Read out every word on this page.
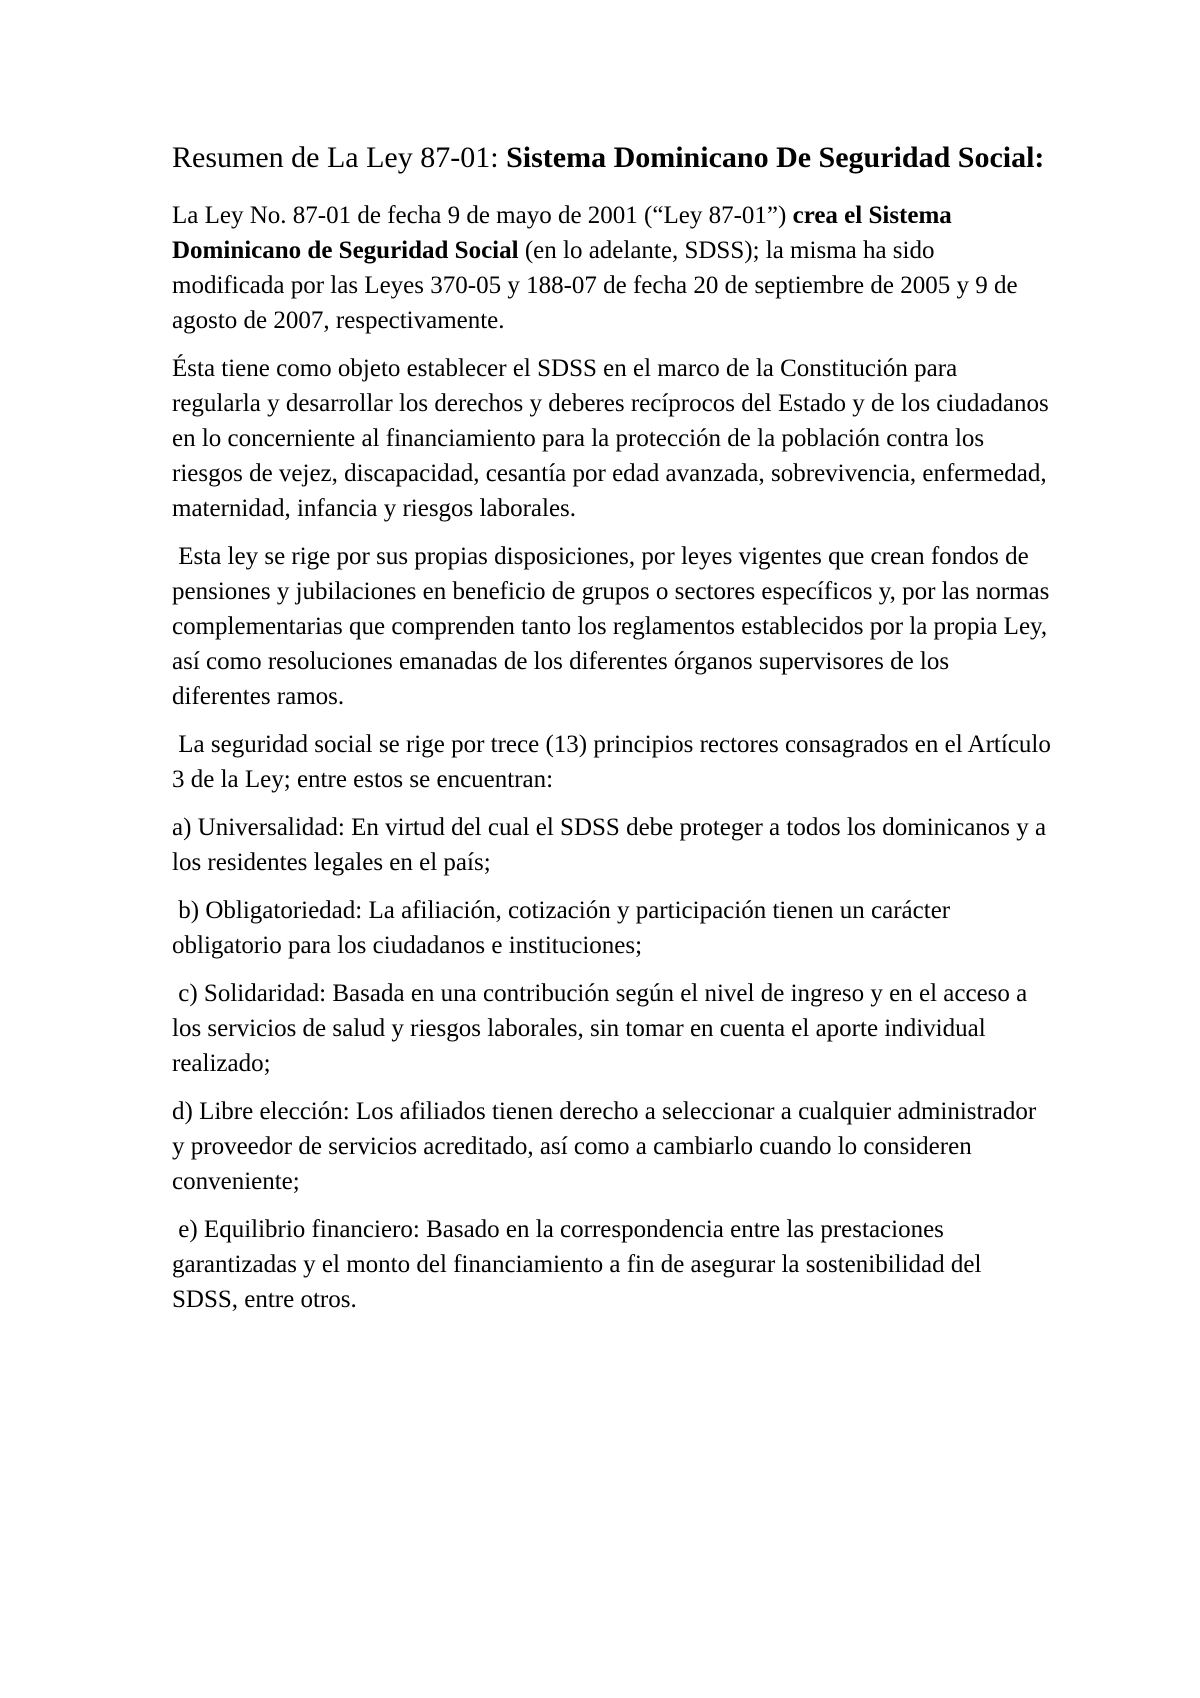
Resumen de La Ley 87-01: Sistema Dominicano De Seguridad Social:

La Ley No. 87-01 de fecha 9 de mayo de 2001 (“Ley 87-01”) crea el Sistema Dominicano de Seguridad Social (en lo adelante, SDSS); la misma ha sido modificada por las Leyes 370-05 y 188-07 de fecha 20 de septiembre de 2005 y 9 de agosto de 2007, respectivamente.

Ésta tiene como objeto establecer el SDSS en el marco de la Constitución para regularla y desarrollar los derechos y deberes recíprocos del Estado y de los ciudadanos en lo concerniente al financiamiento para la protección de la población contra los riesgos de vejez, discapacidad, cesantía por edad avanzada, sobrevivencia, enfermedad, maternidad, infancia y riesgos laborales.

Esta ley se rige por sus propias disposiciones, por leyes vigentes que crean fondos de pensiones y jubilaciones en beneficio de grupos o sectores específicos y, por las normas complementarias que comprenden tanto los reglamentos establecidos por la propia Ley, así como resoluciones emanadas de los diferentes órganos supervisores de los diferentes ramos.

La seguridad social se rige por trece (13) principios rectores consagrados en el Artículo 3 de la Ley; entre estos se encuentran:

a) Universalidad: En virtud del cual el SDSS debe proteger a todos los dominicanos y a los residentes legales en el país;

b) Obligatoriedad: La afiliación, cotización y participación tienen un carácter obligatorio para los ciudadanos e instituciones;

c) Solidaridad: Basada en una contribución según el nivel de ingreso y en el acceso a los servicios de salud y riesgos laborales, sin tomar en cuenta el aporte individual realizado;

d) Libre elección: Los afiliados tienen derecho a seleccionar a cualquier administrador y proveedor de servicios acreditado, así como a cambiarlo cuando lo consideren conveniente;

e) Equilibrio financiero: Basado en la correspondencia entre las prestaciones garantizadas y el monto del financiamiento a fin de asegurar la sostenibilidad del SDSS, entre otros.
